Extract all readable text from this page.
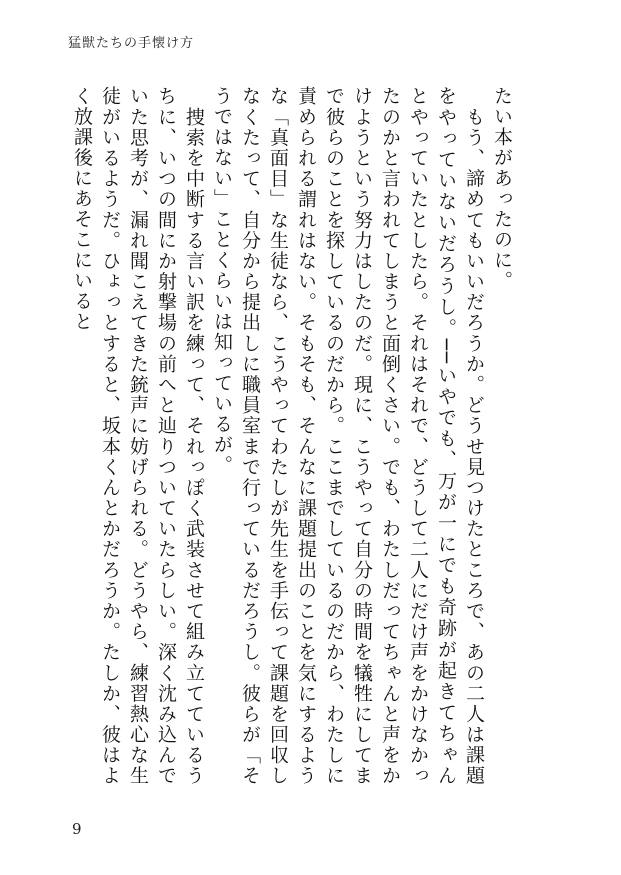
猛獣たちの手懐け方

たい本があったのに。
　もう、諦めてもいいだろうか。どうせ見つけたところで、あの二人は課題をやっていないだろうし。──いやでも、万が一にでも奇跡が起きてちゃんとやっていたとしたら。それはそれで、どうして二人にだけ声をかけなかったのかと言われてしまうと面倒くさい。でも、わたしだってちゃんと声をかけようという努力はしたのだ。現に、こうやって自分の時間を犠牲にしてまで彼らのことを探しているのだから。ここまでしているのだから、わたしに責められる謂れはない。そもそも、そんなに課題提出のことを気にするような「真面目」な生徒なら、こうやってわたしが先生を手伝って課題を回収しなくたって、自分から提出しに職員室まで行っているだろうし。彼らが「そうではない」ことくらいは知っているが。

　捜索を中断する言い訳を練って、それっぽく武装させて組み立てているうちに、いつの間にか射撃場の前へと辿りついていたらしい。深く沈み込んでいた思考が、漏れ聞こえてきた銃声に妨げられる。どうやら、練習熱心な生徒がいるようだ。ひょっとすると、坂本くんとかだろうか。たしか、彼はよく放課後にあそこにいると

9
